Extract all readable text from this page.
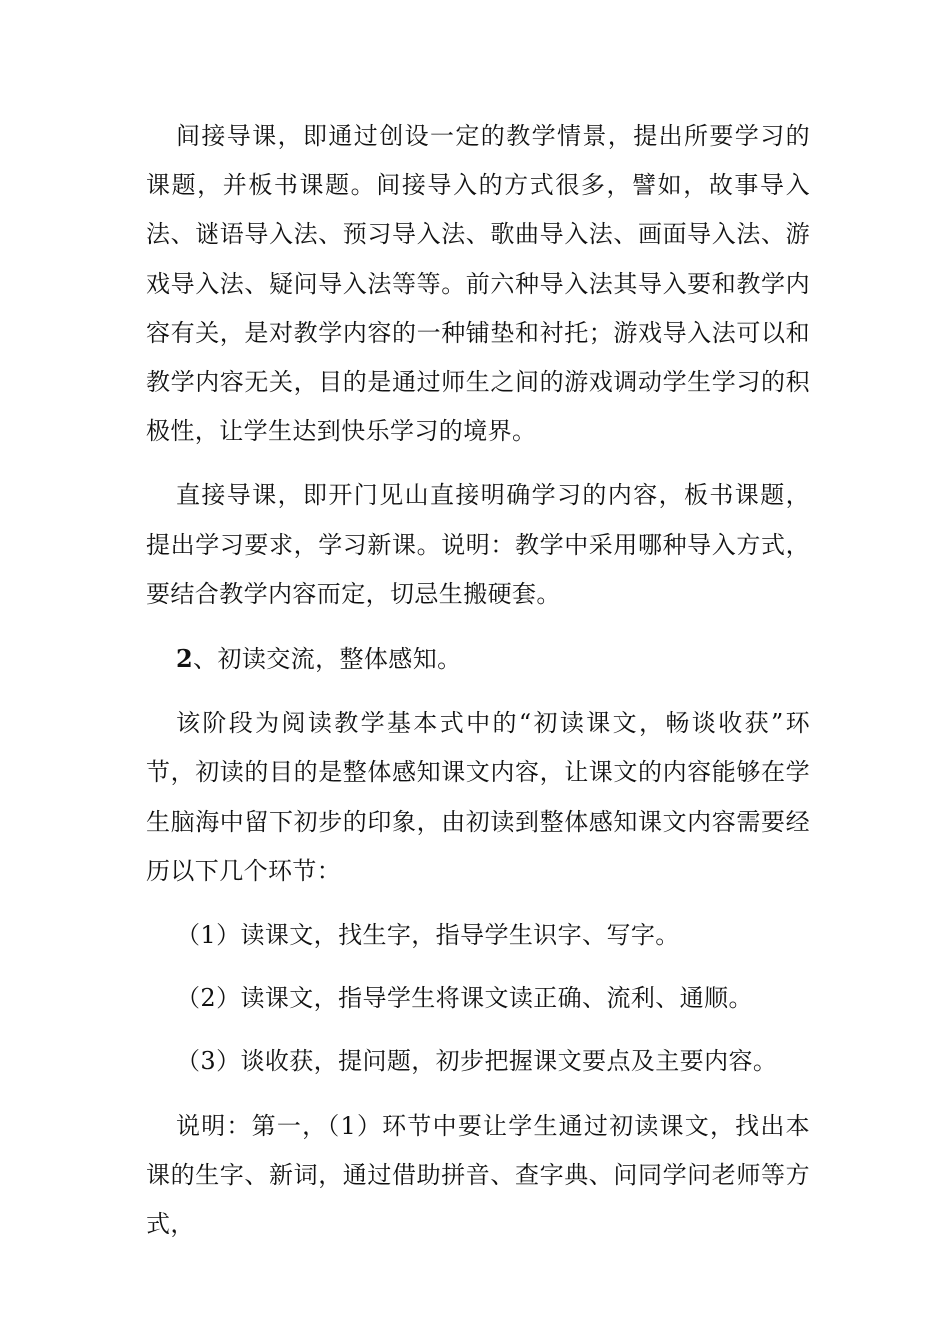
间接导课，即通过创设一定的教学情景，提出所要学习的课题，并板书课题。间接导入的方式很多，譬如，故事导入法、谜语导入法、预习导入法、歌曲导入法、画面导入法、游戏导入法、疑问导入法等等。前六种导入法其导入要和教学内容有关，是对教学内容的一种铺垫和衬托；游戏导入法可以和教学内容无关，目的是通过师生之间的游戏调动学生学习的积极性，让学生达到快乐学习的境界。

直接导课，即开门见山直接明确学习的内容，板书课题，提出学习要求，学习新课。说明：教学中采用哪种导入方式，要结合教学内容而定，切忌生搬硬套。

2、初读交流，整体感知。

该阶段为阅读教学基本式中的“初读课文，畅谈收获”环节，初读的目的是整体感知课文内容，让课文的内容能够在学生脑海中留下初步的印象，由初读到整体感知课文内容需要经历以下几个环节：

（1）读课文，找生字，指导学生识字、写字。

（2）读课文，指导学生将课文读正确、流利、通顺。

（3）谈收获，提问题，初步把握课文要点及主要内容。

说明：第一，（1）环节中要让学生通过初读课文，找出本课的生字、新词，通过借助拼音、查字典、问同学问老师等方式，
